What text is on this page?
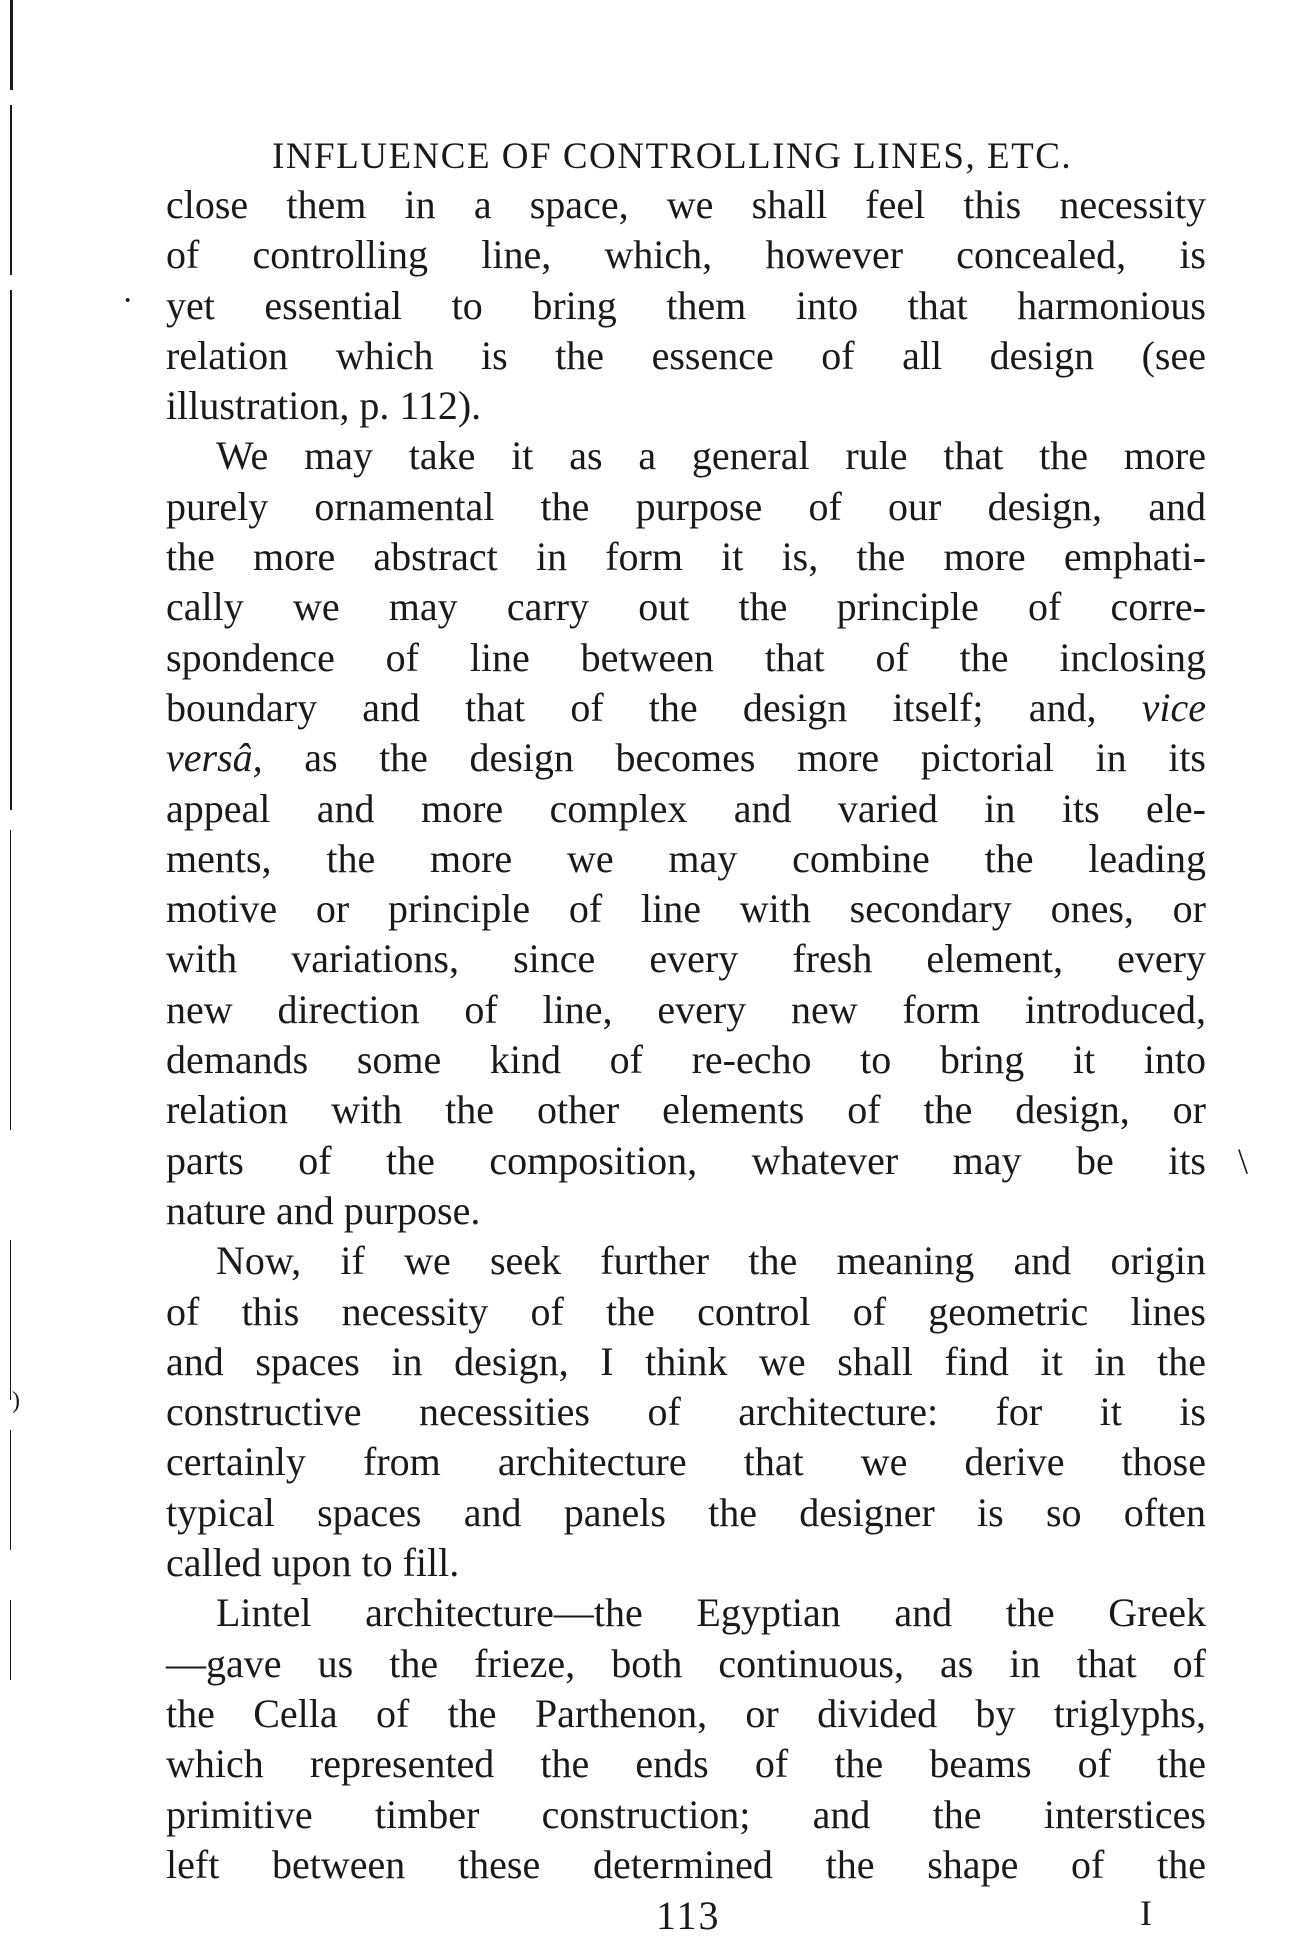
INFLUENCE OF CONTROLLING LINES, ETC.
·
\
)
close them in a space, we shall feel this necessity
of controlling line, which, however concealed, is
yet essential to bring them into that harmonious
relation which is the essence of all design (see
illustration, p. 112).
We may take it as a general rule that the more
purely ornamental the purpose of our design, and
the more abstract in form it is, the more emphati-
cally we may carry out the principle of corre-
spondence of line between that of the inclosing
boundary and that of the design itself; and, vice
versâ, as the design becomes more pictorial in its
appeal and more complex and varied in its ele-
ments, the more we may combine the leading
motive or principle of line with secondary ones, or
with variations, since every fresh element, every
new direction of line, every new form introduced,
demands some kind of re-echo to bring it into
relation with the other elements of the design, or
parts of the composition, whatever may be its
nature and purpose.
Now, if we seek further the meaning and origin
of this necessity of the control of geometric lines
and spaces in design, I think we shall find it in the
constructive necessities of architecture: for it is
certainly from architecture that we derive those
typical spaces and panels the designer is so often
called upon to fill.
Lintel architecture—the Egyptian and the Greek
—gave us the frieze, both continuous, as in that of
the Cella of the Parthenon, or divided by triglyphs,
which represented the ends of the beams of the
primitive timber construction; and the interstices
left between these determined the shape of the
113	I
